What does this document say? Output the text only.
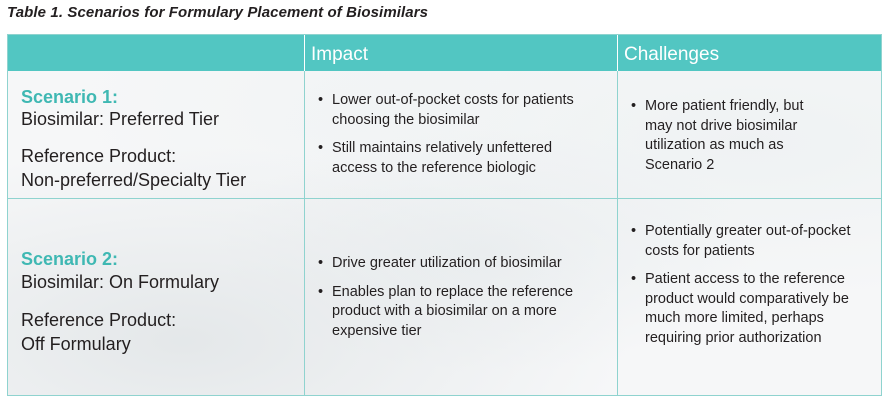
Table 1. Scenarios for Formulary Placement of Biosimilars
Impact	Challenges
Scenario 1:
Biosimilar: Preferred Tier
Reference Product:
Non-preferred/Specialty Tier
• Lower out-of-pocket costs for patients choosing the biosimilar
• Still maintains relatively unfettered access to the reference biologic
• More patient friendly, but may not drive biosimilar utilization as much as Scenario 2
Scenario 2:
Biosimilar: On Formulary
Reference Product:
Off Formulary
• Drive greater utilization of biosimilar
• Enables plan to replace the reference product with a biosimilar on a more expensive tier
• Potentially greater out-of-pocket costs for patients
• Patient access to the reference product would comparatively be much more limited, perhaps requiring prior authorization
